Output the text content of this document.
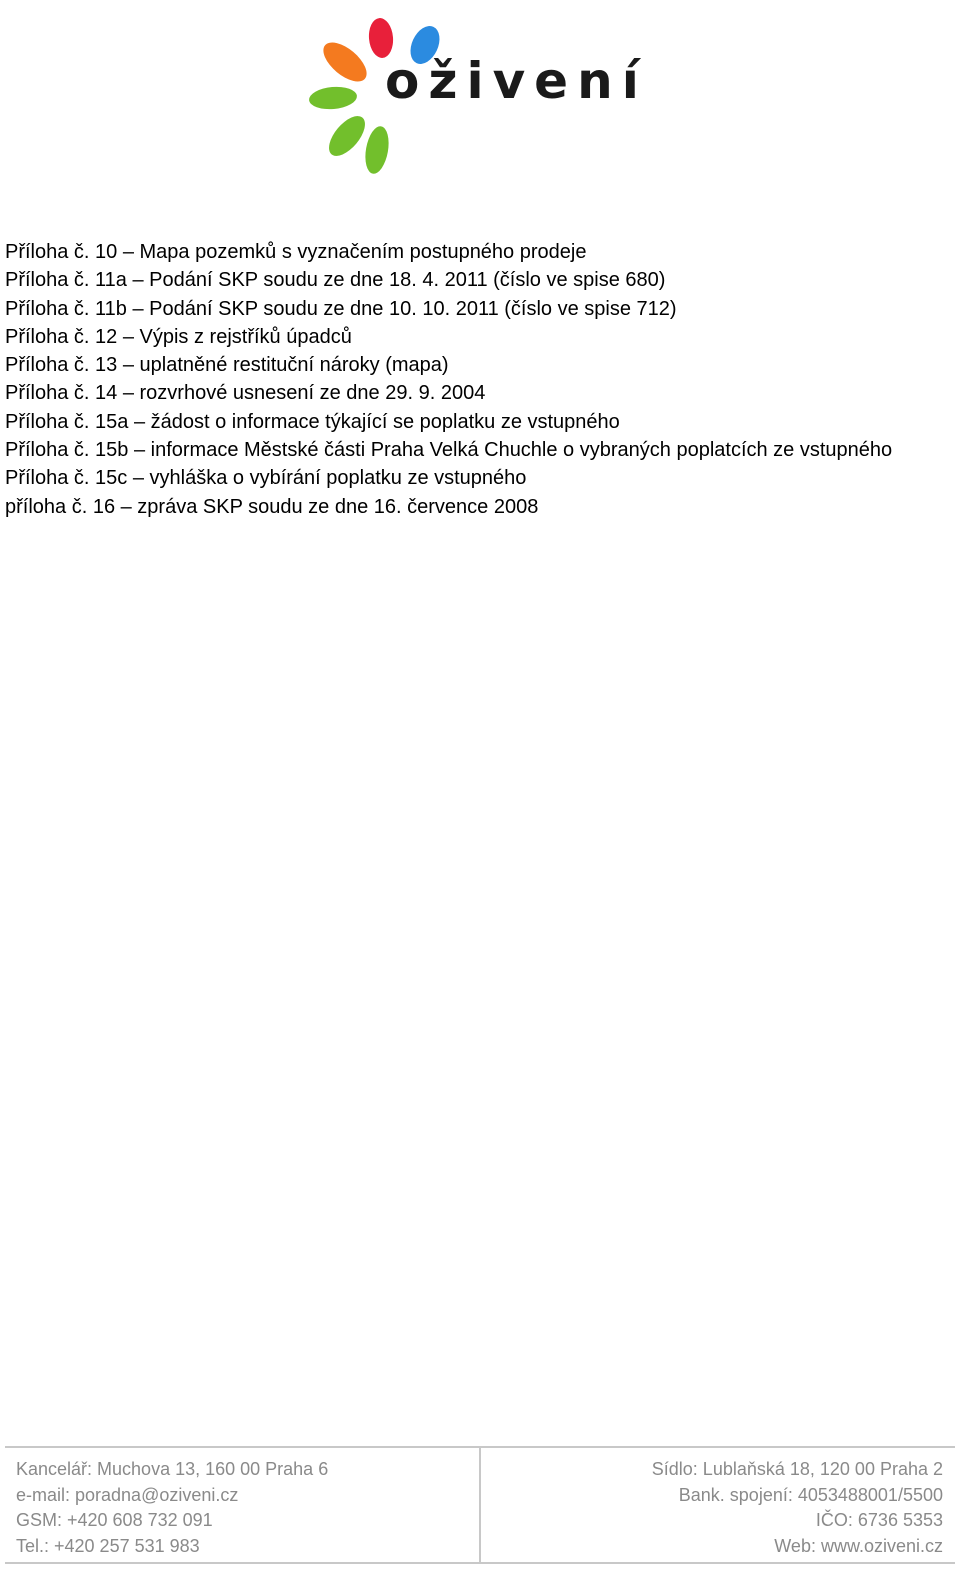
oživení
Příloha č. 10 – Mapa pozemků s vyznačením postupného prodeje
Příloha č. 11a – Podání SKP soudu ze dne 18. 4. 2011 (číslo ve spise 680)
Příloha č. 11b – Podání SKP soudu ze dne 10. 10. 2011 (číslo ve spise 712)
Příloha č. 12 – Výpis z rejstříků úpadců
Příloha č. 13 – uplatněné restituční nároky (mapa)
Příloha č. 14 – rozvrhové usnesení ze dne 29. 9. 2004
Příloha č. 15a – žádost o informace týkající se poplatku ze vstupného
Příloha č. 15b – informace Městské části Praha Velká Chuchle o vybraných poplatcích ze vstupného
Příloha č. 15c – vyhláška o vybírání poplatku ze vstupného
příloha č. 16 – zpráva SKP soudu ze dne 16. července 2008
Kancelář: Muchova 13, 160 00 Praha 6
e-mail: poradna@oziveni.cz
GSM: +420 608 732 091
Tel.: +420 257 531 983
Sídlo: Lublaňská 18, 120 00 Praha 2
Bank. spojení: 4053488001/5500
IČO: 6736 5353
Web: www.oziveni.cz
